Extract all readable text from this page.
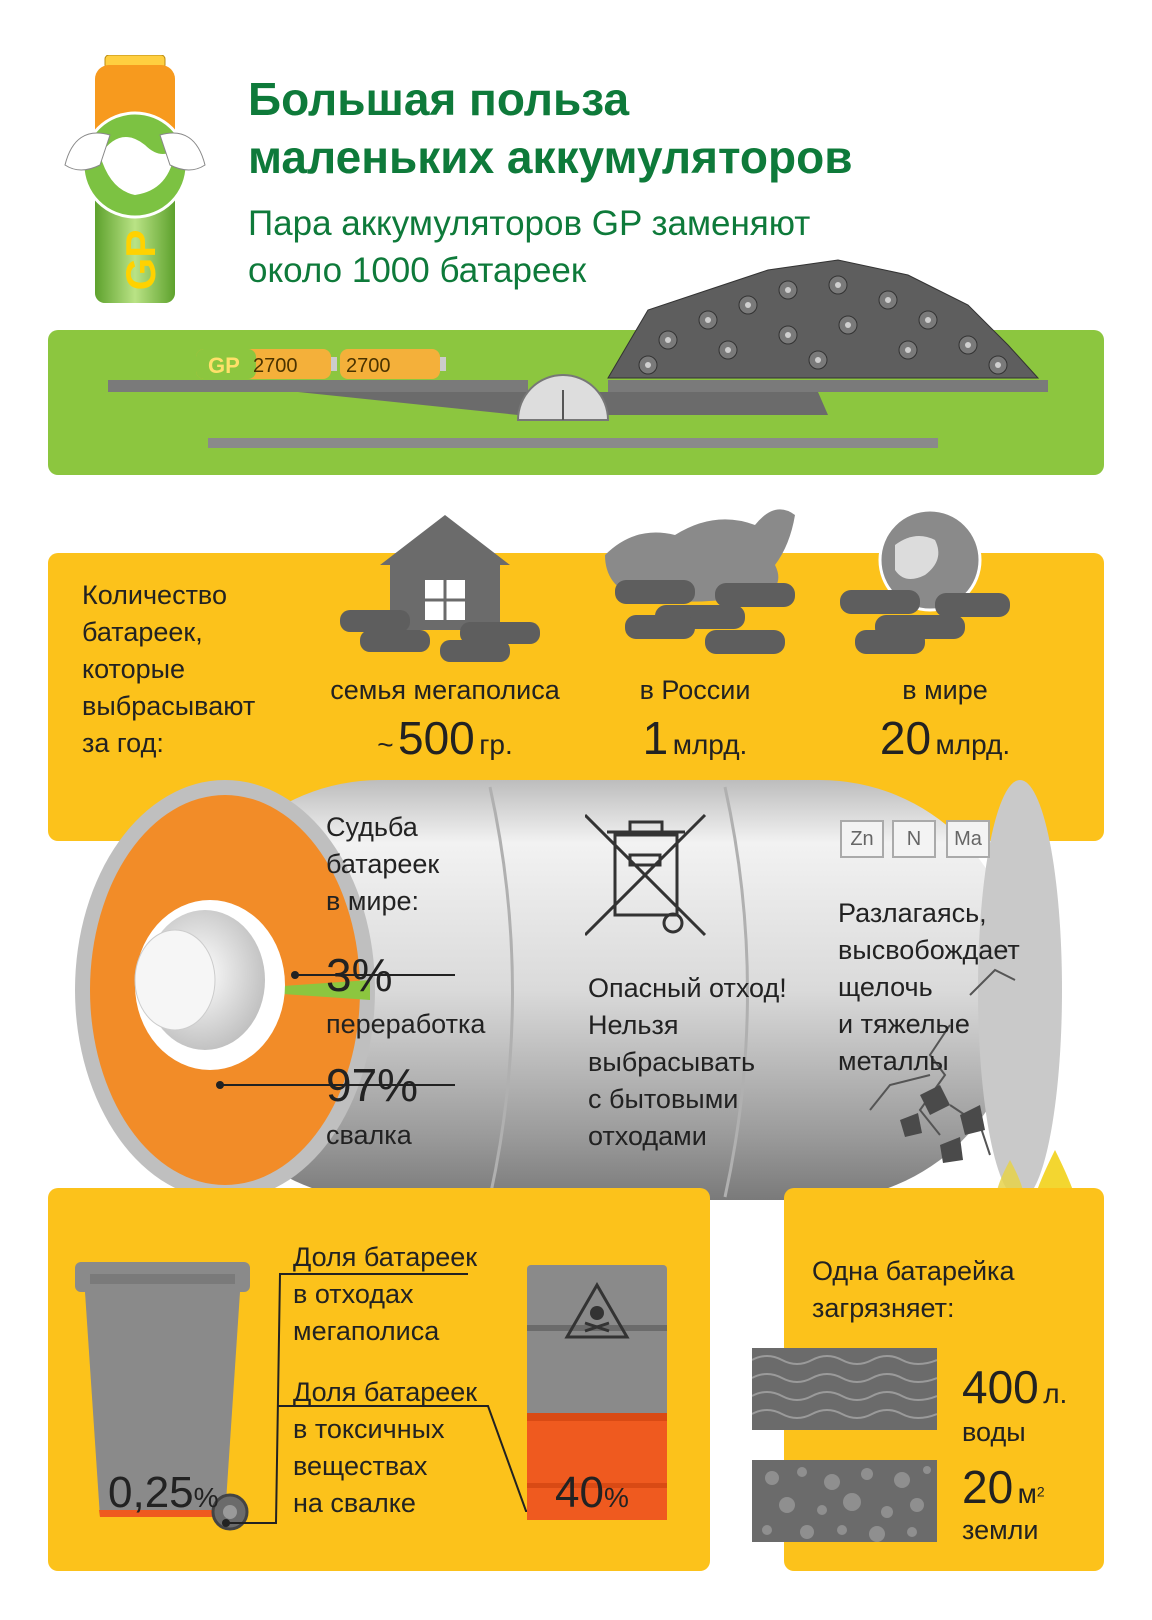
GP
Большая польза
маленьких аккумуляторов
Пара аккумуляторов GP заменяют
около 1000 батареек
GP 2700 2700
Количество
батареек,
которые
выбрасывают
за год:
семья мегаполиса
~ 500 гр.
в России
1 млрд.
в мире
20 млрд.
Судьба
батареек
в мире:
3%
переработка
97%
свалка
Опасный отход!
Нельзя
выбрасывать
с бытовыми
отходами
Zn	N	Ma
Разлагаясь,
высвобождает
щелочь
и тяжелые
металлы
0,25%
Доля батареек
в отходах
мегаполиса
Доля батареек
в токсичных
веществах
на свалке	40%
Одна батарейка
загрязняет:
400 л.
воды
20 $м^2$
земли
